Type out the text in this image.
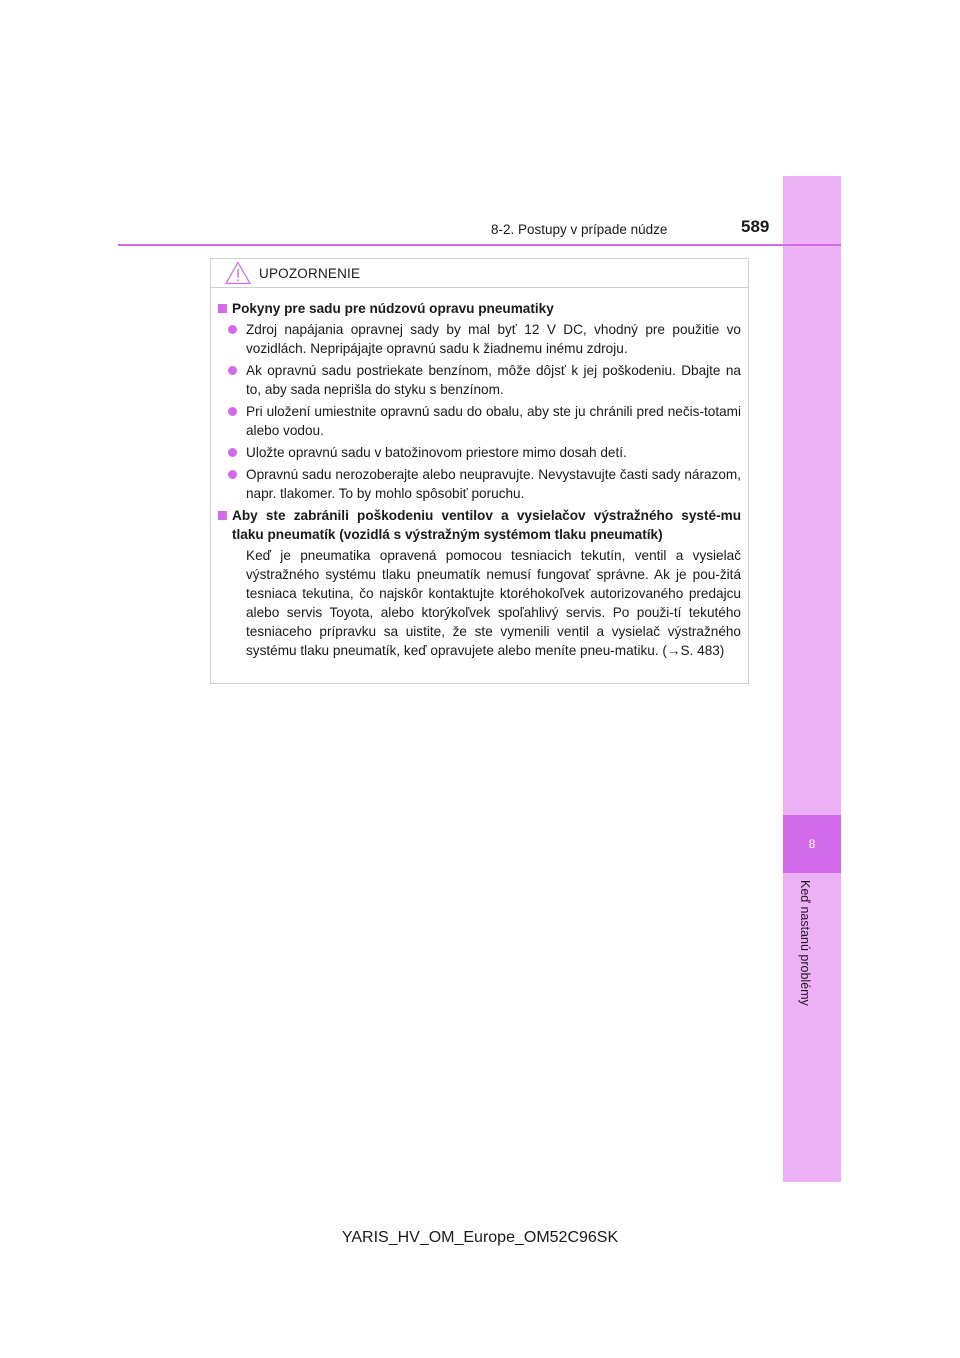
8
Keď nastanú problémy
8-2. Postupy v prípade núdze	589
UPOZORNENIE
Pokyny pre sadu pre núdzovú opravu pneumatiky
Zdroj napájania opravnej sady by mal byť 12 V DC, vhodný pre použitie vo vozidlách. Nepripájajte opravnú sadu k žiadnemu inému zdroju.
Ak opravnú sadu postriekate benzínom, môže dôjsť k jej poškodeniu. Dbajte na to, aby sada neprišla do styku s benzínom.
Pri uložení umiestnite opravnú sadu do obalu, aby ste ju chránili pred nečis-totami alebo vodou.
Uložte opravnú sadu v batožinovom priestore mimo dosah detí.
Opravnú sadu nerozoberajte alebo neupravujte. Nevystavujte časti sady nárazom, napr. tlakomer. To by mohlo spôsobiť poruchu.
Aby ste zabránili poškodeniu ventilov a vysielačov výstražného systé-mu tlaku pneumatík (vozidlá s výstražným systémom tlaku pneumatík)
Keď je pneumatika opravená pomocou tesniacich tekutín, ventil a vysielač výstražného systému tlaku pneumatík nemusí fungovať správne. Ak je pou-žitá tesniaca tekutina, čo najskôr kontaktujte ktoréhokoľvek autorizovaného predajcu alebo servis Toyota, alebo ktorýkoľvek spoľahlivý servis. Po použi-tí tekutého tesniaceho prípravku sa uistite, že ste vymenili ventil a vysielač výstražného systému tlaku pneumatík, keď opravujete alebo meníte pneu-matiku. (→S. 483)
YARIS_HV_OM_Europe_OM52C96SK
